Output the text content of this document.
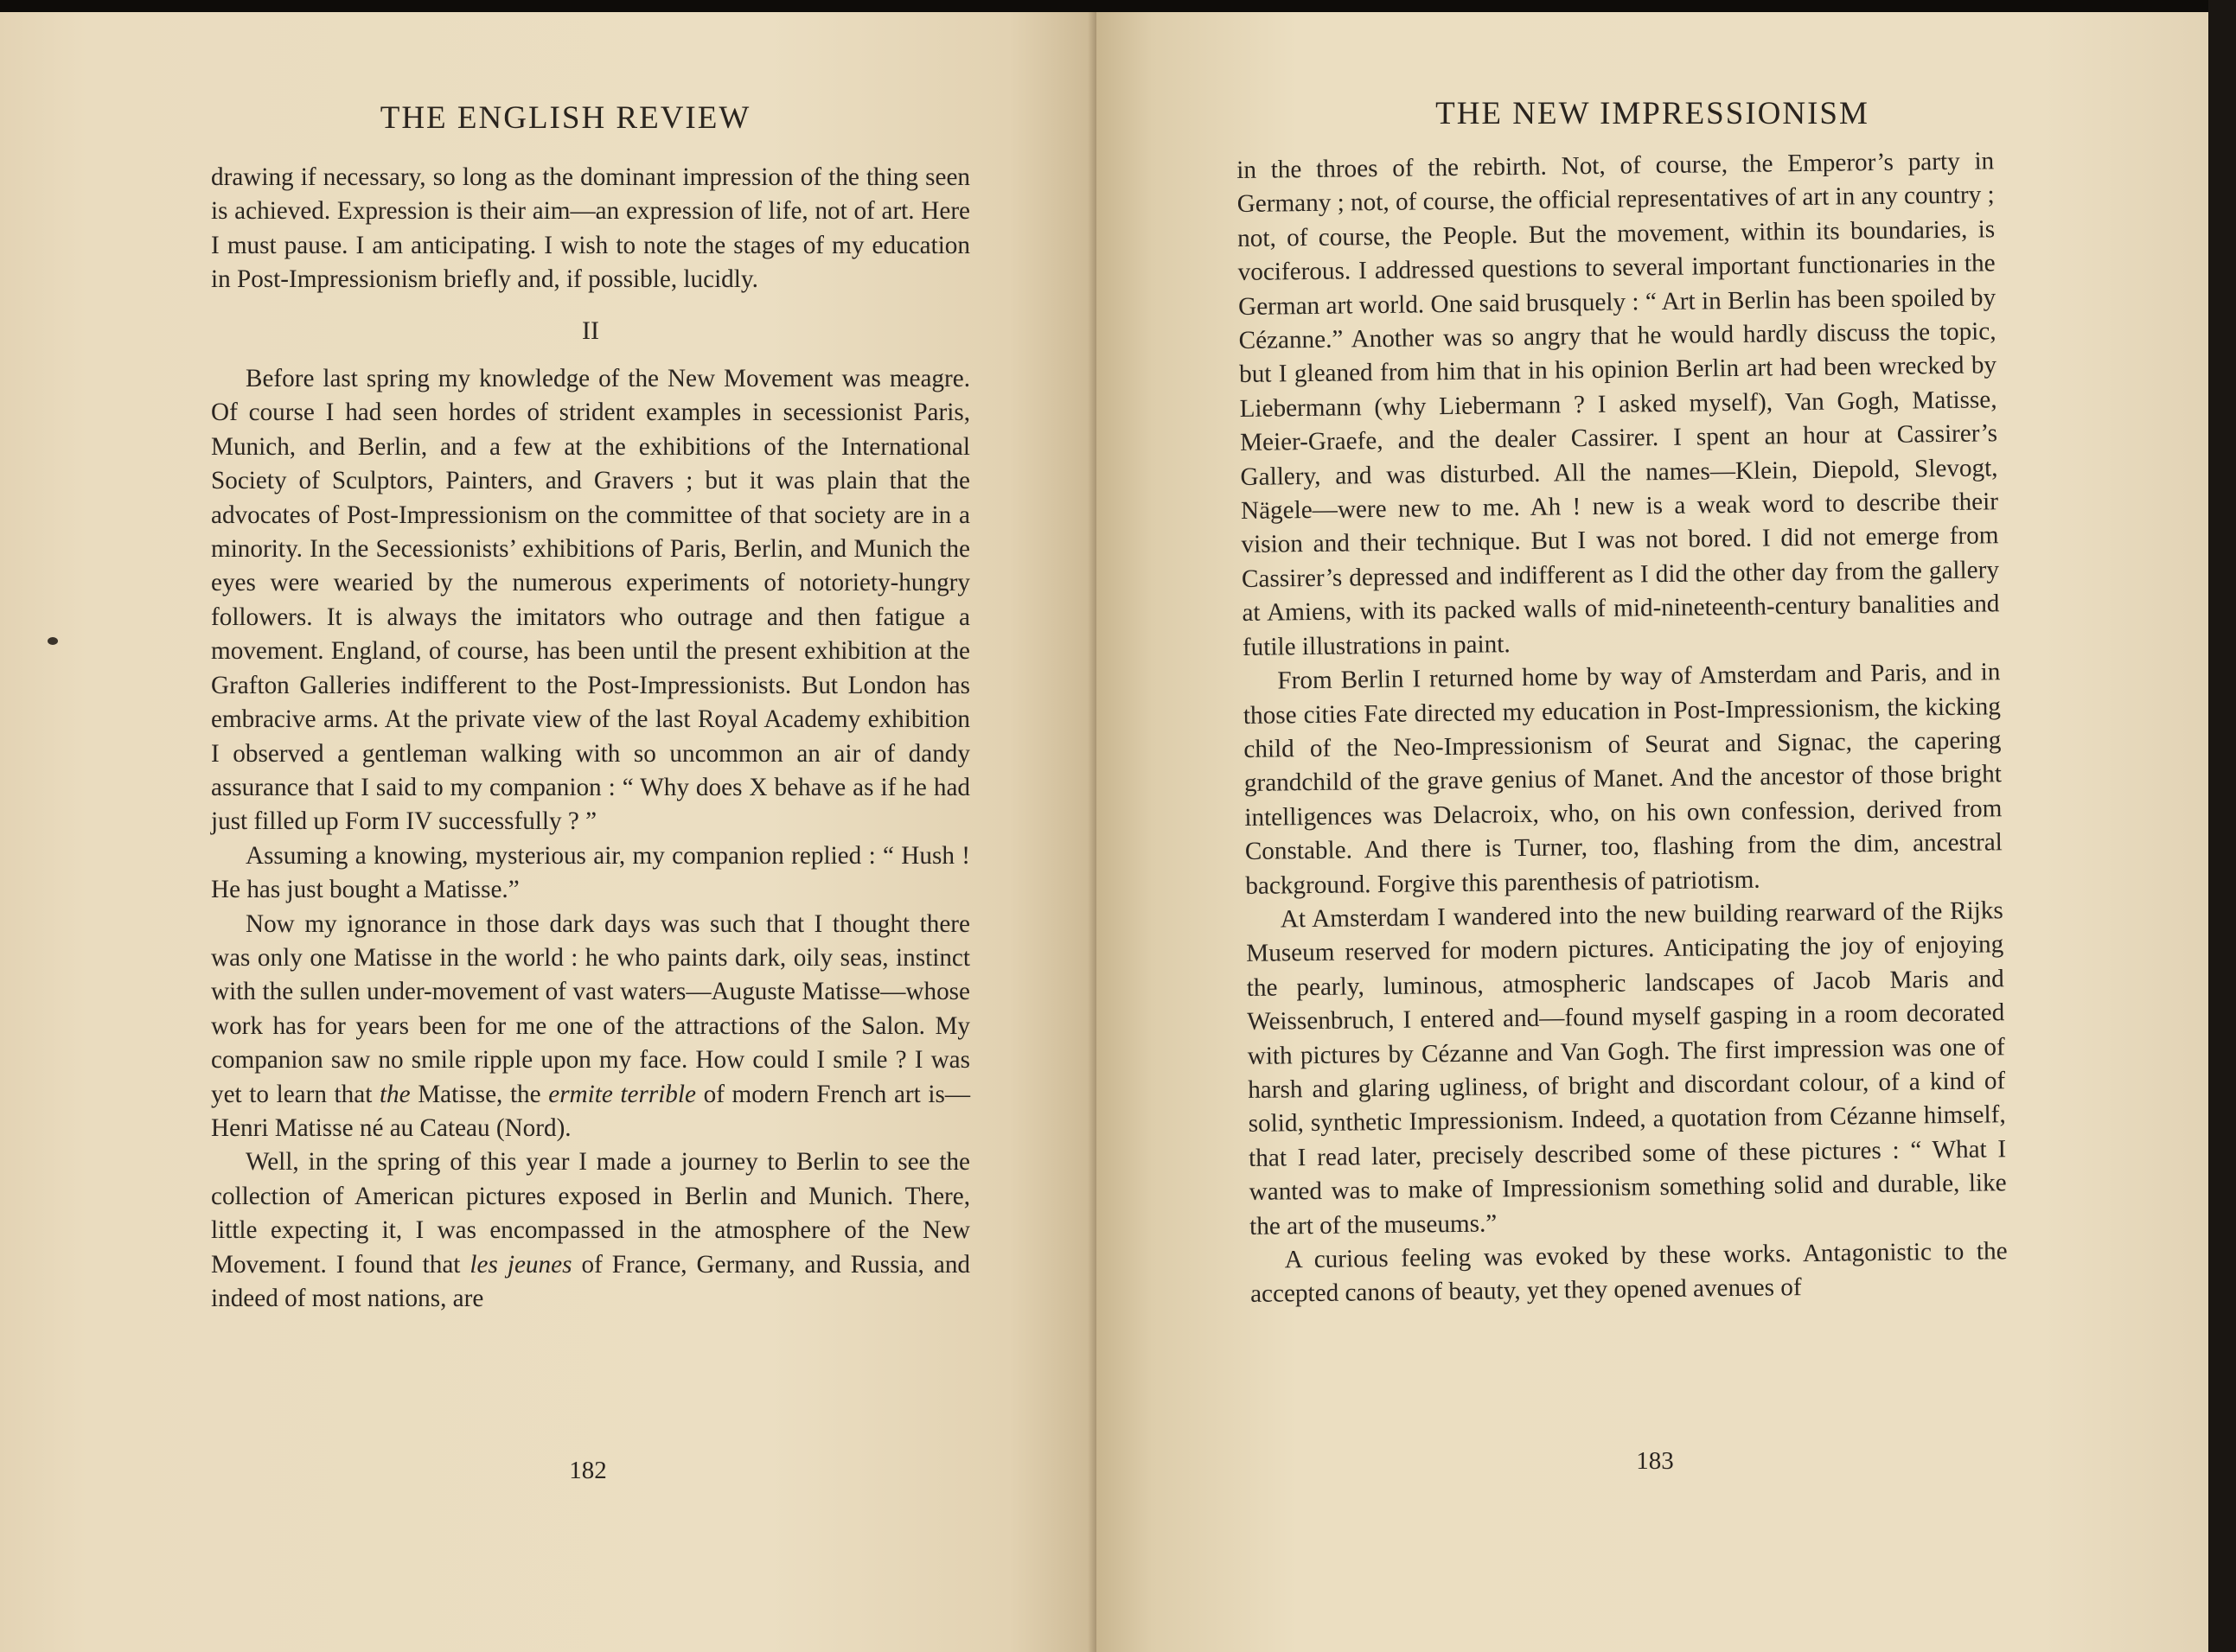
THE ENGLISH REVIEW

drawing if necessary, so long as the dominant impression of the thing seen is achieved. Expression is their aim—an expression of life, not of art. Here I must pause. I am anticipating. I wish to note the stages of my education in Post-Impressionism briefly and, if possible, lucidly.

II

Before last spring my knowledge of the New Movement was meagre. Of course I had seen hordes of strident examples in secessionist Paris, Munich, and Berlin, and a few at the exhibitions of the International Society of Sculptors, Painters, and Gravers ; but it was plain that the advocates of Post-Impressionism on the committee of that society are in a minority. In the Secessionists’ exhibitions of Paris, Berlin, and Munich the eyes were wearied by the numerous experiments of notoriety-hungry followers. It is always the imitators who outrage and then fatigue a movement. England, of course, has been until the present exhibition at the Grafton Galleries indifferent to the Post-Impressionists. But London has embracive arms. At the private view of the last Royal Academy exhibition I observed a gentleman walking with so uncommon an air of dandy assurance that I said to my companion : “ Why does X behave as if he had just filled up Form IV successfully ? ”

Assuming a knowing, mysterious air, my companion replied : “ Hush ! He has just bought a Matisse.”

Now my ignorance in those dark days was such that I thought there was only one Matisse in the world : he who paints dark, oily seas, instinct with the sullen under-movement of vast waters—Auguste Matisse—whose work has for years been for me one of the attractions of the Salon. My companion saw no smile ripple upon my face. How could I smile ? I was yet to learn that the Matisse, the ermite terrible of modern French art is—Henri Matisse né au Cateau (Nord).

Well, in the spring of this year I made a journey to Berlin to see the collection of American pictures exposed in Berlin and Munich. There, little expecting it, I was encompassed in the atmosphere of the New Movement. I found that les jeunes of France, Germany, and Russia, and indeed of most nations, are

182
THE NEW IMPRESSIONISM

in the throes of the rebirth. Not, of course, the Emperor’s party in Germany ; not, of course, the official representatives of art in any country ; not, of course, the People. But the movement, within its boundaries, is vociferous. I addressed questions to several important functionaries in the German art world. One said brusquely : “ Art in Berlin has been spoiled by Cézanne.” Another was so angry that he would hardly discuss the topic, but I gleaned from him that in his opinion Berlin art had been wrecked by Liebermann (why Liebermann ? I asked myself), Van Gogh, Matisse, Meier-Graefe, and the dealer Cassirer. I spent an hour at Cassirer’s Gallery, and was disturbed. All the names—Klein, Diepold, Slevogt, Nägele—were new to me. Ah ! new is a weak word to describe their vision and their technique. But I was not bored. I did not emerge from Cassirer’s depressed and indifferent as I did the other day from the gallery at Amiens, with its packed walls of mid-nineteenth-century banalities and futile illustrations in paint.

From Berlin I returned home by way of Amsterdam and Paris, and in those cities Fate directed my education in Post-Impressionism, the kicking child of the Neo-Impressionism of Seurat and Signac, the capering grandchild of the grave genius of Manet. And the ancestor of those bright intelligences was Delacroix, who, on his own confession, derived from Constable. And there is Turner, too, flashing from the dim, ancestral background. Forgive this parenthesis of patriotism.

At Amsterdam I wandered into the new building rearward of the Rijks Museum reserved for modern pictures. Anticipating the joy of enjoying the pearly, luminous, atmospheric landscapes of Jacob Maris and Weissenbruch, I entered and—found myself gasping in a room decorated with pictures by Cézanne and Van Gogh. The first impression was one of harsh and glaring ugliness, of bright and discordant colour, of a kind of solid, synthetic Impressionism. Indeed, a quotation from Cézanne himself, that I read later, precisely described some of these pictures : “ What I wanted was to make of Impressionism something solid and durable, like the art of the museums.”

A curious feeling was evoked by these works. Antagonistic to the accepted canons of beauty, yet they opened avenues of

183
